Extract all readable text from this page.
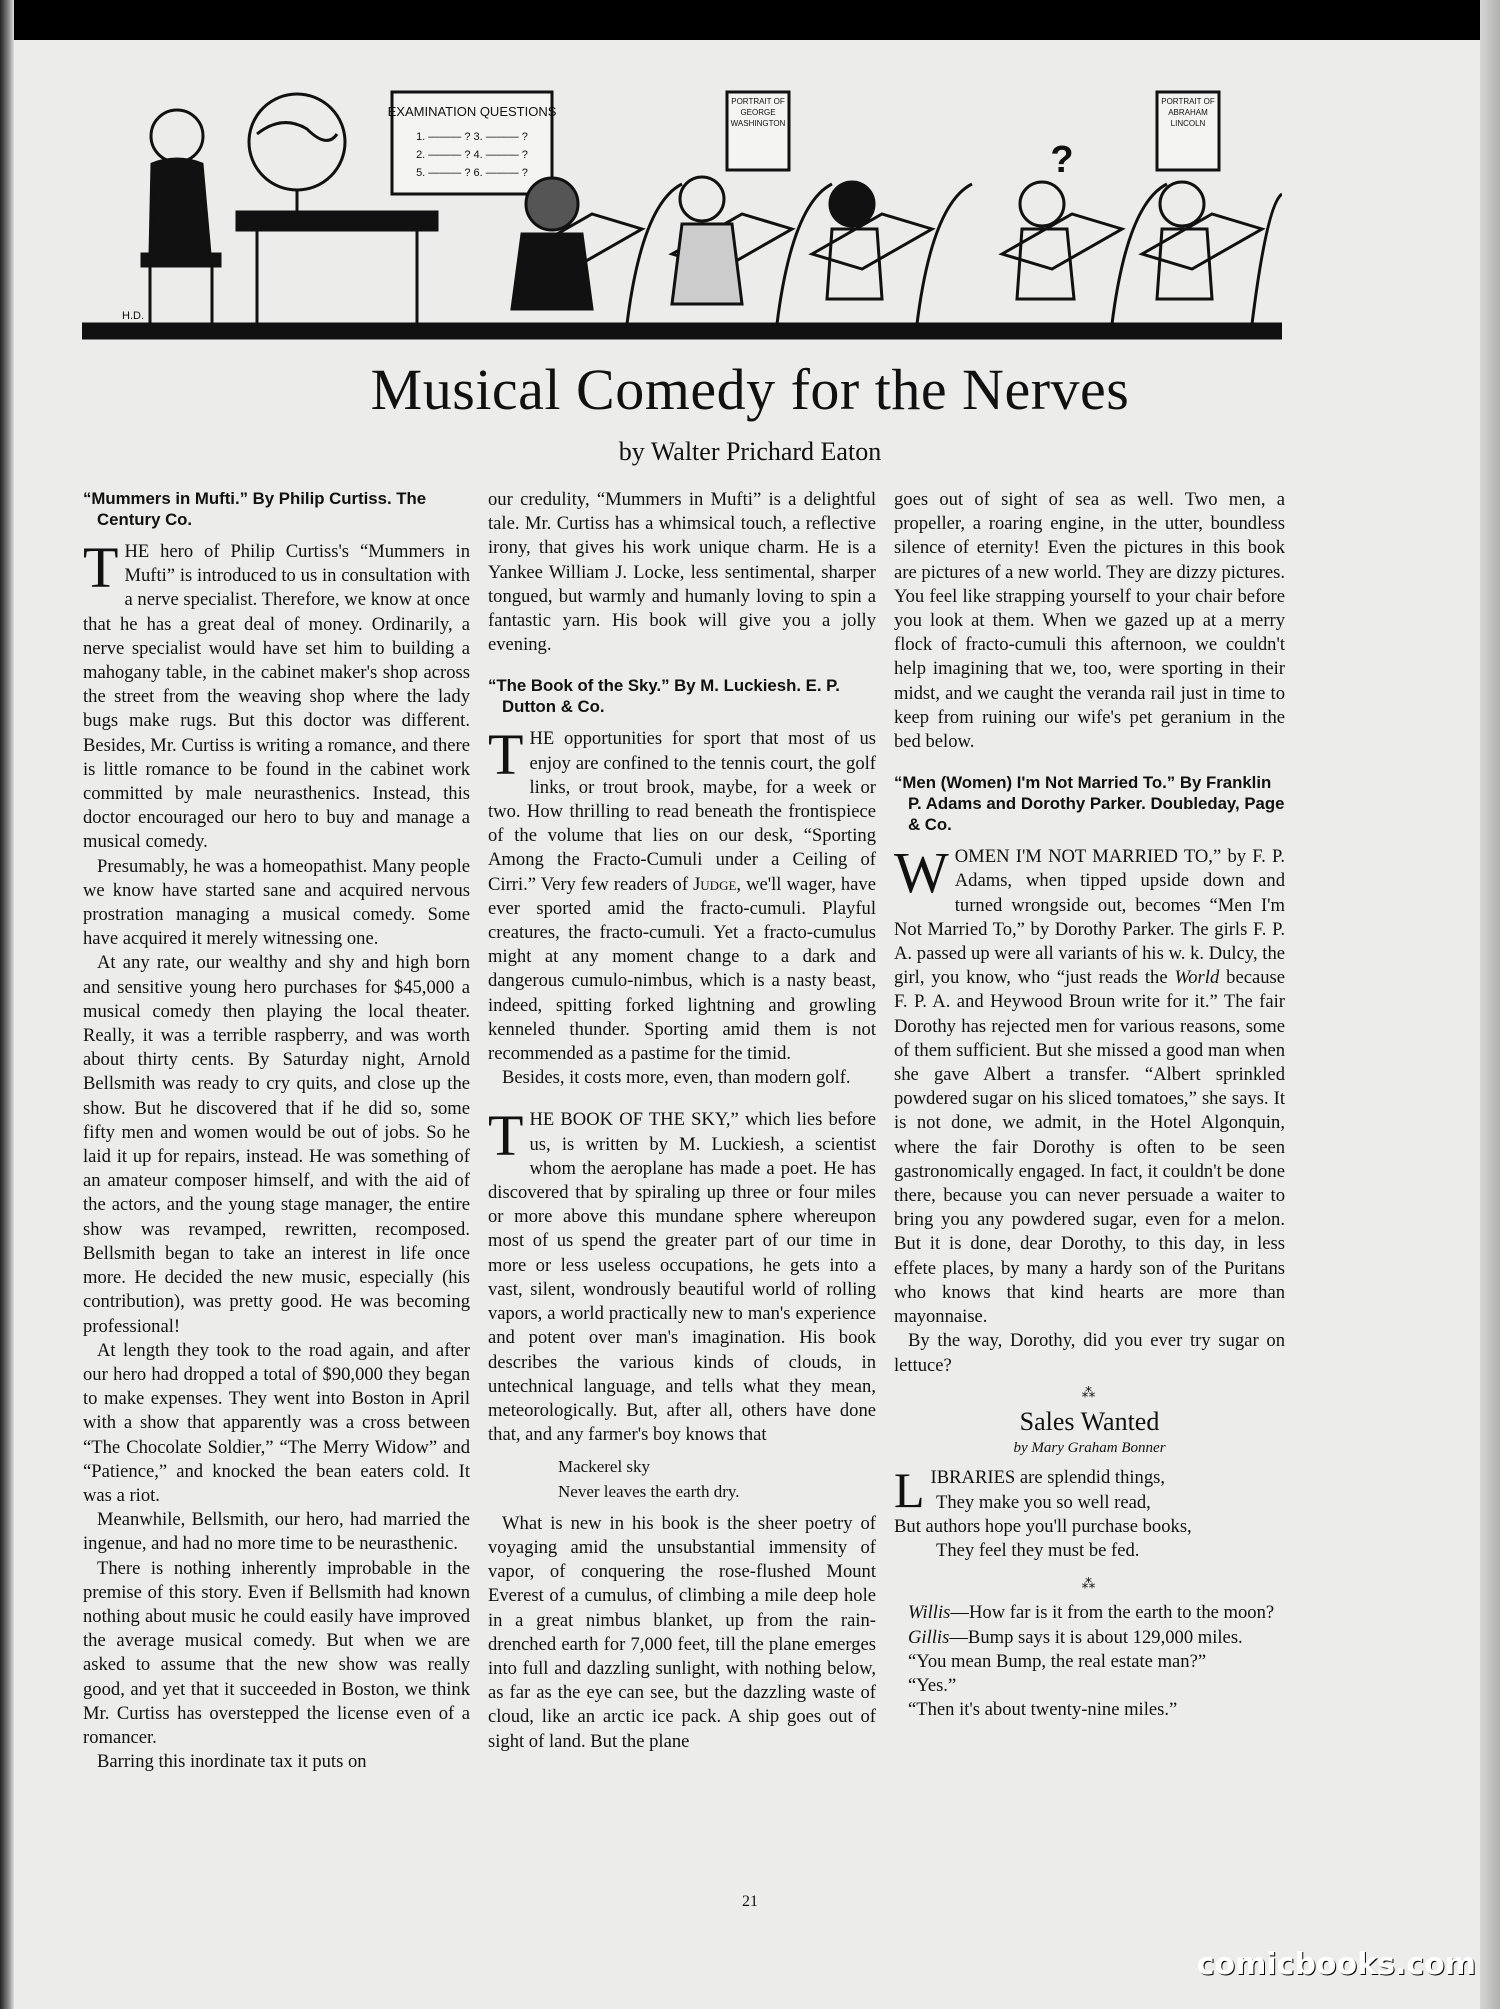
EXAMINATION QUESTIONS
1. ——— ? 3. ——— ?
2. ——— ? 4. ——— ?
5. ——— ? 6. ——— ?
PORTRAIT OF GEORGE WASHINGTON
PORTRAIT OF ABRAHAM LINCOLN
?
H.D.
Musical Comedy for the Nerves
by Walter Prichard Eaton
“Mummers in Mufti.” By Philip Curtiss. The Century Co.

THE hero of Philip Curtiss's “Mummers in Mufti” is introduced to us in consultation with a nerve specialist. Therefore, we know at once that he has a great deal of money. Ordinarily, a nerve specialist would have set him to building a mahogany table, in the cabinet maker's shop across the street from the weaving shop where the lady bugs make rugs. But this doctor was different. Besides, Mr. Curtiss is writing a romance, and there is little romance to be found in the cabinet work committed by male neurasthenics. Instead, this doctor encouraged our hero to buy and manage a musical comedy.

Presumably, he was a homeopathist. Many people we know have started sane and acquired nervous prostration managing a musical comedy. Some have acquired it merely witnessing one.

At any rate, our wealthy and shy and high born and sensitive young hero purchases for $45,000 a musical comedy then playing the local theater. Really, it was a terrible raspberry, and was worth about thirty cents. By Saturday night, Arnold Bellsmith was ready to cry quits, and close up the show. But he discovered that if he did so, some fifty men and women would be out of jobs. So he laid it up for repairs, instead. He was something of an amateur composer himself, and with the aid of the actors, and the young stage manager, the entire show was revamped, rewritten, recomposed. Bellsmith began to take an interest in life once more. He decided the new music, especially (his contribution), was pretty good. He was becoming professional!

At length they took to the road again, and after our hero had dropped a total of $90,000 they began to make expenses. They went into Boston in April with a show that apparently was a cross between “The Chocolate Soldier,” “The Merry Widow” and “Patience,” and knocked the bean eaters cold. It was a riot.

Meanwhile, Bellsmith, our hero, had married the ingenue, and had no more time to be neurasthenic.

There is nothing inherently improbable in the premise of this story. Even if Bellsmith had known nothing about music he could easily have improved the average musical comedy. But when we are asked to assume that the new show was really good, and yet that it succeeded in Boston, we think Mr. Curtiss has overstepped the license even of a romancer.

Barring this inordinate tax it puts on

our credulity, “Mummers in Mufti” is a delightful tale. Mr. Curtiss has a whimsical touch, a reflective irony, that gives his work unique charm. He is a Yankee William J. Locke, less sentimental, sharper tongued, but warmly and humanly loving to spin a fantastic yarn. His book will give you a jolly evening.

“The Book of the Sky.” By M. Luckiesh. E. P. Dutton & Co.

THE opportunities for sport that most of us enjoy are confined to the tennis court, the golf links, or trout brook, maybe, for a week or two. How thrilling to read beneath the frontispiece of the volume that lies on our desk, “Sporting Among the Fracto-Cumuli under a Ceiling of Cirri.” Very few readers of Judge, we'll wager, have ever sported amid the fracto-cumuli. Playful creatures, the fracto-cumuli. Yet a fracto-cumulus might at any moment change to a dark and dangerous cumulo-nimbus, which is a nasty beast, indeed, spitting forked lightning and growling kenneled thunder. Sporting amid them is not recommended as a pastime for the timid.

Besides, it costs more, even, than modern golf.

THE BOOK OF THE SKY,” which lies before us, is written by M. Luckiesh, a scientist whom the aeroplane has made a poet. He has discovered that by spiraling up three or four miles or more above this mundane sphere whereupon most of us spend the greater part of our time in more or less useless occupations, he gets into a vast, silent, wondrously beautiful world of rolling vapors, a world practically new to man's experience and potent over man's imagination. His book describes the various kinds of clouds, in untechnical language, and tells what they mean, meteorologically. But, after all, others have done that, and any farmer's boy knows that

Mackerel sky

Never leaves the earth dry.

What is new in his book is the sheer poetry of voyaging amid the unsubstantial immensity of vapor, of conquering the rose-flushed Mount Everest of a cumulus, of climbing a mile deep hole in a great nimbus blanket, up from the rain-drenched earth for 7,000 feet, till the plane emerges into full and dazzling sunlight, with nothing below, as far as the eye can see, but the dazzling waste of cloud, like an arctic ice pack. A ship goes out of sight of land. But the plane

goes out of sight of sea as well. Two men, a propeller, a roaring engine, in the utter, boundless silence of eternity! Even the pictures in this book are pictures of a new world. They are dizzy pictures. You feel like strapping yourself to your chair before you look at them. When we gazed up at a merry flock of fracto-cumuli this afternoon, we couldn't help imagining that we, too, were sporting in their midst, and we caught the veranda rail just in time to keep from ruining our wife's pet geranium in the bed below.

“Men (Women) I'm Not Married To.” By Franklin P. Adams and Dorothy Parker. Doubleday, Page & Co.

WOMEN I'M NOT MARRIED TO,” by F. P. Adams, when tipped upside down and turned wrongside out, becomes “Men I'm Not Married To,” by Dorothy Parker. The girls F. P. A. passed up were all variants of his w. k. Dulcy, the girl, you know, who “just reads the World because F. P. A. and Heywood Broun write for it.” The fair Dorothy has rejected men for various reasons, some of them sufficient. But she missed a good man when she gave Albert a transfer. “Albert sprinkled powdered sugar on his sliced tomatoes,” she says. It is not done, we admit, in the Hotel Algonquin, where the fair Dorothy is often to be seen gastronomically engaged. In fact, it couldn't be done there, because you can never persuade a waiter to bring you any powdered sugar, even for a melon. But it is done, dear Dorothy, to this day, in less effete places, by many a hardy son of the Puritans who knows that kind hearts are more than mayonnaise.

By the way, Dorothy, did you ever try sugar on lettuce?

⁂
Sales Wanted
by Mary Graham Bonner
LIBRARIES are splendid things,
They make you so well read,
But authors hope you'll purchase books,
They feel they must be fed.
⁂

Willis—How far is it from the earth to the moon?

Gillis—Bump says it is about 129,000 miles.

“You mean Bump, the real estate man?”

“Yes.”

“Then it's about twenty-nine miles.”

21
comicbooks.com
